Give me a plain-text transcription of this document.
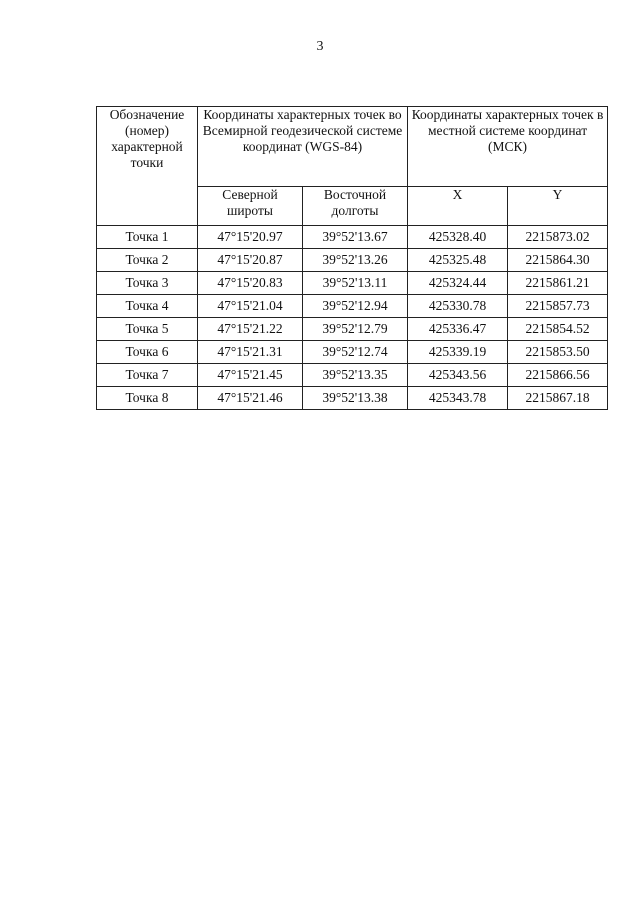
3
Обозначение (номер) характерной точки	Координаты характерных точек во Всемирной геодезической системе координат (WGS-84)		Координаты характерных точек в местной системе координат (МСК)	
	Северной широты	Восточной долготы	X	Y
Точка 1	47°15'20.97	39°52'13.67	425328.40	2215873.02
Точка 2	47°15'20.87	39°52'13.26	425325.48	2215864.30
Точка 3	47°15'20.83	39°52'13.11	425324.44	2215861.21
Точка 4	47°15'21.04	39°52'12.94	425330.78	2215857.73
Точка 5	47°15'21.22	39°52'12.79	425336.47	2215854.52
Точка 6	47°15'21.31	39°52'12.74	425339.19	2215853.50
Точка 7	47°15'21.45	39°52'13.35	425343.56	2215866.56
Точка 8	47°15'21.46	39°52'13.38	425343.78	2215867.18
